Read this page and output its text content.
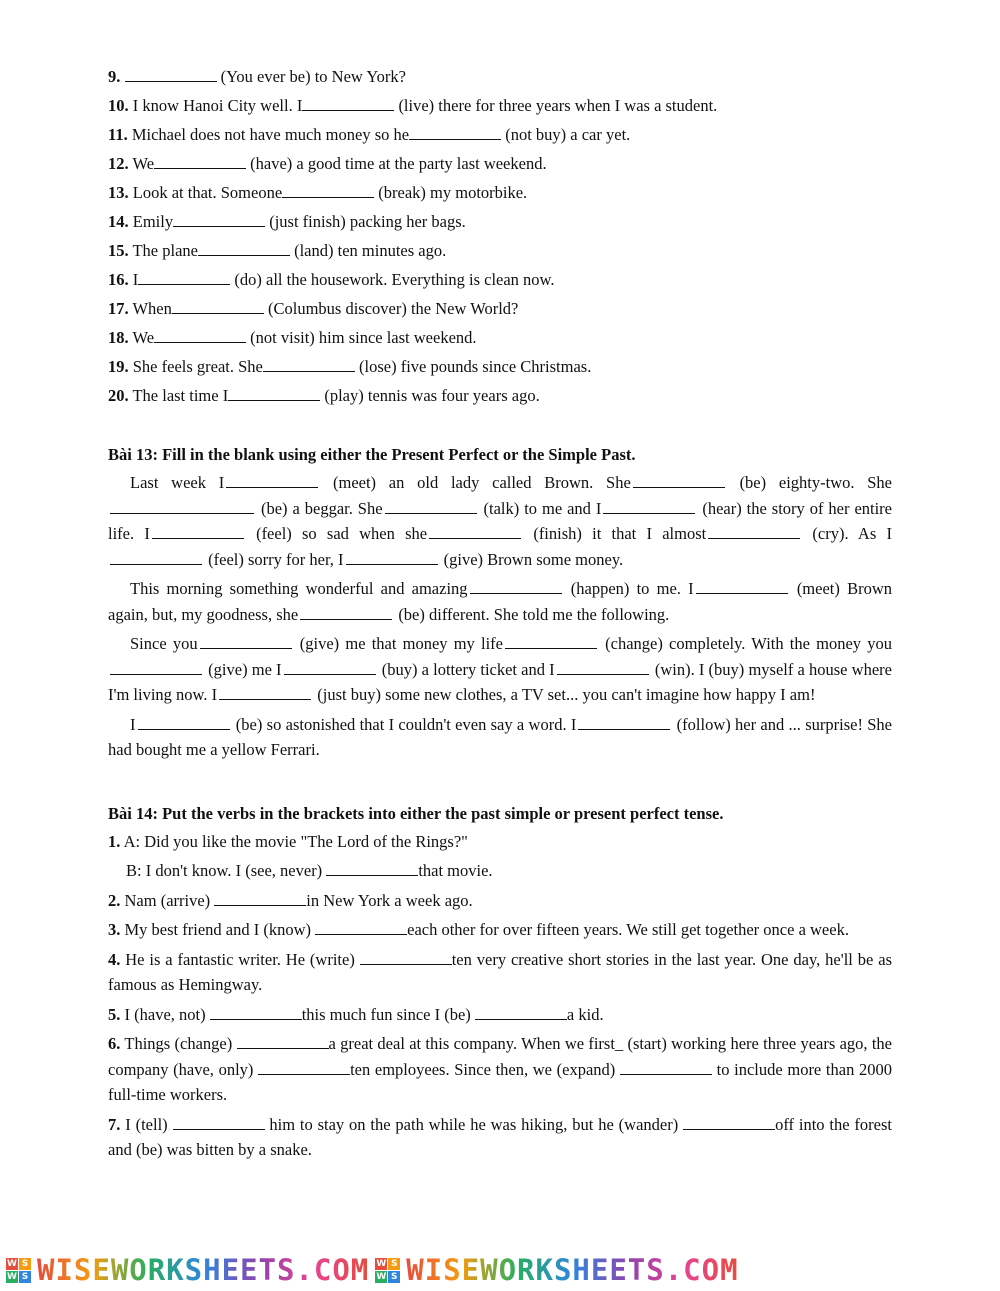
9.	(You ever be) to New York?
10. I know Hanoi City well. I	(live) there for three years when I was a student.
11. Michael does not have much money so he	(not buy) a car yet.
12. We	(have) a good time at the party last weekend.
13. Look at that. Someone	(break) my motorbike.
14. Emily	(just finish) packing her bags.
15. The plane	(land) ten minutes ago.
16. I	(do) all the housework. Everything is clean now.
17. When	(Columbus discover) the New World?
18. We	(not visit) him since last weekend.
19. She feels great. She	(lose) five pounds since Christmas.
20. The last time I	(play) tennis was four years ago.
Bài 13: Fill in the blank using either the Present Perfect or the Simple Past.
Last week I	(meet) an old lady called Brown. She	(be) eighty-two. She  (be) a beggar. She	(talk) to me and I	(hear) the story of her entire life. I	(feel) so sad when she	(finish) it that I almost	(cry). As I (feel) sorry for her, I	(give) Brown some money.
This morning something wonderful and amazing	(happen) to me. I	(meet) Brown again, but, my goodness, she	(be) different. She told me the following.
Since you	(give) me that money my life	(change) completely. With the money you (give) me I	(buy) a lottery ticket and I	(win). I (buy) myself a house where I'm living now. I	(just buy) some new clothes, a TV set... you can't imagine how happy I am!
I	(be) so astonished that I couldn't even say a word. I	(follow) her and ... surprise! She had bought me a yellow Ferrari.
Bài 14: Put the verbs in the brackets into either the past simple or present perfect tense.
1. A: Did you like the movie "The Lord of the Rings?"
B: I don't know. I (see, never)	that movie.
2. Nam (arrive)	in New York a week ago.
3. My best friend and I (know)	each other for over fifteen years. We still get together once a week.
4. He is a fantastic writer. He (write)	ten very creative short stories in the last year. One day, he'll be as famous as Hemingway.
5. I (have, not)	this much fun since I (be)	a kid.
6. Things (change)	a great deal at this company. When we first_ (start) working here three years ago, the company (have, only)	ten employees. Since then, we (expand)	to include more than 2000 full-time workers.
7. I (tell)	him to stay on the path while he was hiking, but he (wander)	off into the forest and (be) was bitten by a snake.
W S
W S WISEWORKSHEETS.COM W S
W S WISEWORKSHEETS.COM
